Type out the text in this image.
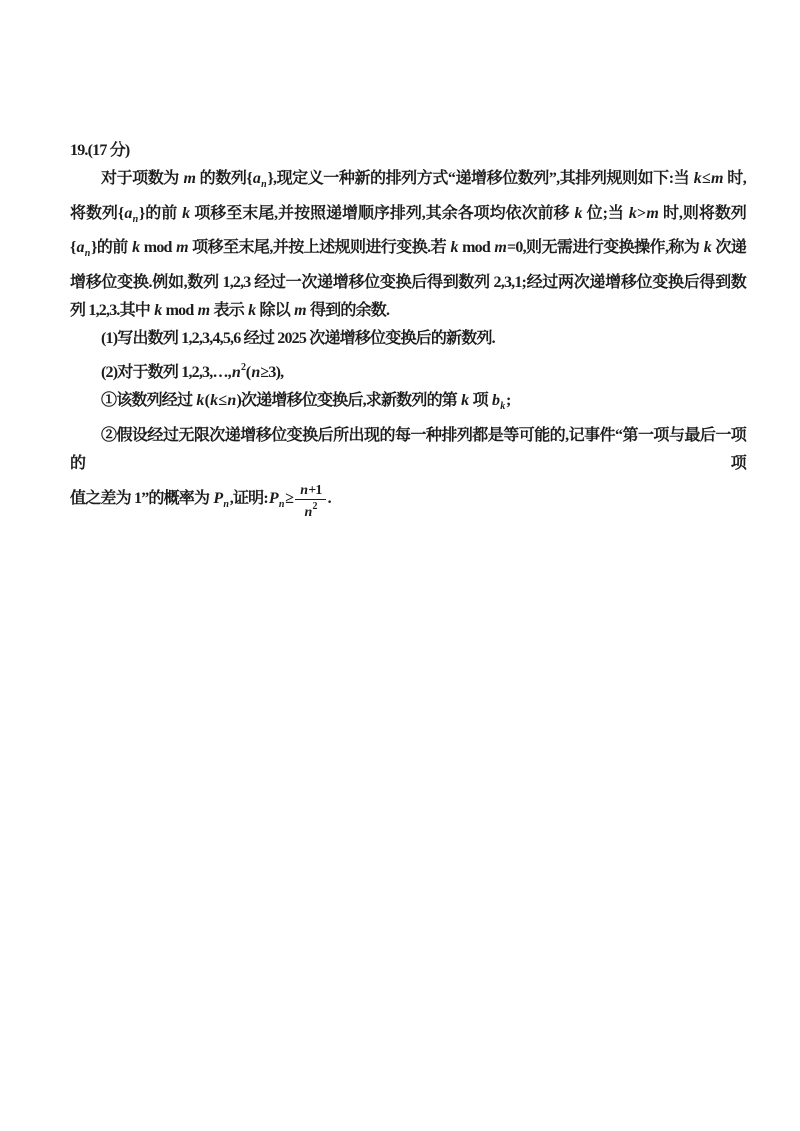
19.(17 分)
对于项数为 m 的数列$\{a_n\}$,现定义一种新的排列方式“递增移位数列”,其排列规则如下:当 k≤m 时,
将数列$\{a_n\}$的前 k 项移至末尾,并按照递增顺序排列,其余各项均依次前移 k 位;当 k>m 时,则将数列
$\{a_n\}$的前 k mod m 项移至末尾,并按上述规则进行变换.若 k mod m=0,则无需进行变换操作,称为 k 次递
增移位变换.例如,数列 1,2,3 经过一次递增移位变换后得到数列 2,3,1;经过两次递增移位变换后得到数
列 1,2,3.其中 k mod m 表示 k 除以 m 得到的余数.
(1)写出数列 1,2,3,4,5,6 经过 2025 次递增移位变换后的新数列.
(2)对于数列 $1,2,3,\dots,n^2(n\ge 3)$,
①该数列经过 k(k≤n)次递增移位变换后,求新数列的第 k 项 $b_k$;
②假设经过无限次递增移位变换后所出现的每一种排列都是等可能的,记事件“第一项与最后一项的项
值之差为 1”的概率为 $P_n$,证明$:P_n\ge \frac{n+1}{n^2}$ .
